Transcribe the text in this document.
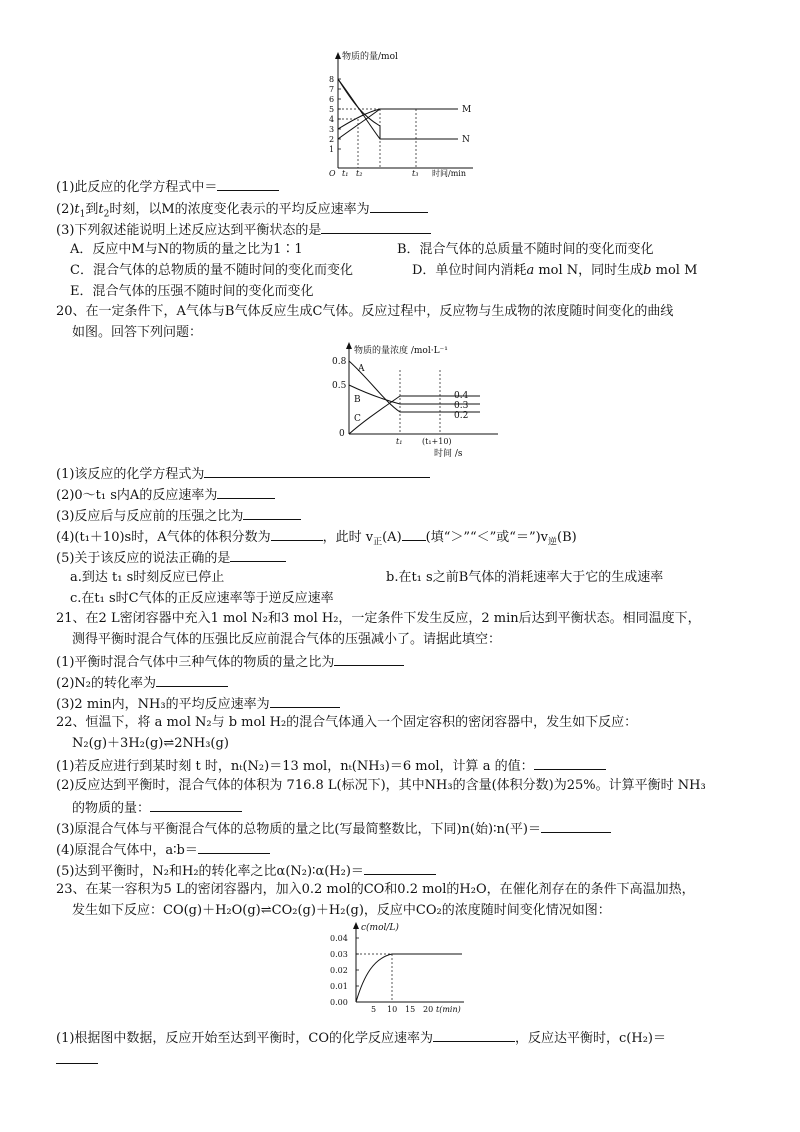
物质的量/mol
8
7
6
5
4
3
2
1
M
N
O t₁ t₂	t₃ 时间/min
(1)此反应的化学方程式中＝
$(2)t_1$到$t_2$时刻，以M的浓度变化表示的平均反应速率为
(3)下列叙述能说明上述反应达到平衡状态的是
A．反应中M与N的物质的量之比为1∶1	B．混合气体的总质量不随时间的变化而变化
C．混合气体的总物质的量不随时间的变化而变化	D．单位时间内消耗a mol N，同时生成b mol M
E．混合气体的压强不随时间的变化而变化
20、在一定条件下，A气体与B气体反应生成C气体。反应过程中，反应物与生成物的浓度随时间变化的曲线
如图。回答下列问题：
物质的量浓度 /mol·L⁻¹
0.8
0.5
0
A
B
C
0.4
0.3
0.2
t₁ (t₁+10)
时间 /s
(1)该反应的化学方程式为
(2)0～t₁ s内A的反应速率为
(3)反应后与反应前的压强之比为
(4)(t₁＋10)s时，A气体的体积分数为	，此时 $v_正(A)$ (填“＞”“＜”或“$=”)v_逆(B)$
(5)关于该反应的说法正确的是
a.到达 t₁ s时刻反应已停止	b.在t₁ s之前B气体的消耗速率大于它的生成速率
c.在t₁ s时C气体的正反应速率等于逆反应速率
21、在2 L密闭容器中充入1 mol N₂和3 mol H₂，一定条件下发生反应，2 min后达到平衡状态。相同温度下，
测得平衡时混合气体的压强比反应前混合气体的压强减小了。请据此填空：
(1)平衡时混合气体中三种气体的物质的量之比为
(2)N₂的转化率为
(3)2 min内，NH₃的平均反应速率为
22、恒温下，将 a mol N₂与 b mol H₂的混合气体通入一个固定容积的密闭容器中，发生如下反应：
N₂(g)＋3H₂(g)⇌2NH₃(g)
(1)若反应进行到某时刻 t 时，nₜ(N₂)＝13 mol，nₜ(NH₃)＝6 mol，计算 a 的值：
(2)反应达到平衡时，混合气体的体积为 716.8 L(标况下)，其中NH₃的含量(体积分数)为25%。计算平衡时 NH₃
的物质的量：
(3)原混合气体与平衡混合气体的总物质的量之比(写最简整数比，下同)n(始)∶n(平)＝
(4)原混合气体中，a∶b＝
(5)达到平衡时，N₂和H₂的转化率之比α(N₂)∶α(H₂)＝
23、在某一容积为5 L的密闭容器内，加入0.2 mol的CO和0.2 mol的H₂O，在催化剂存在的条件下高温加热，
发生如下反应：CO(g)＋H₂O(g)⇌CO₂(g)＋H₂(g)，反应中CO₂的浓度随时间变化情况如图：
c(mol/L)
0.04
0.03
0.02
0.01
0.00
5 10 15 20 t(min)
(1)根据图中数据，反应开始至达到平衡时，CO的化学反应速率为	，反应达平衡时，c(H₂)＝
